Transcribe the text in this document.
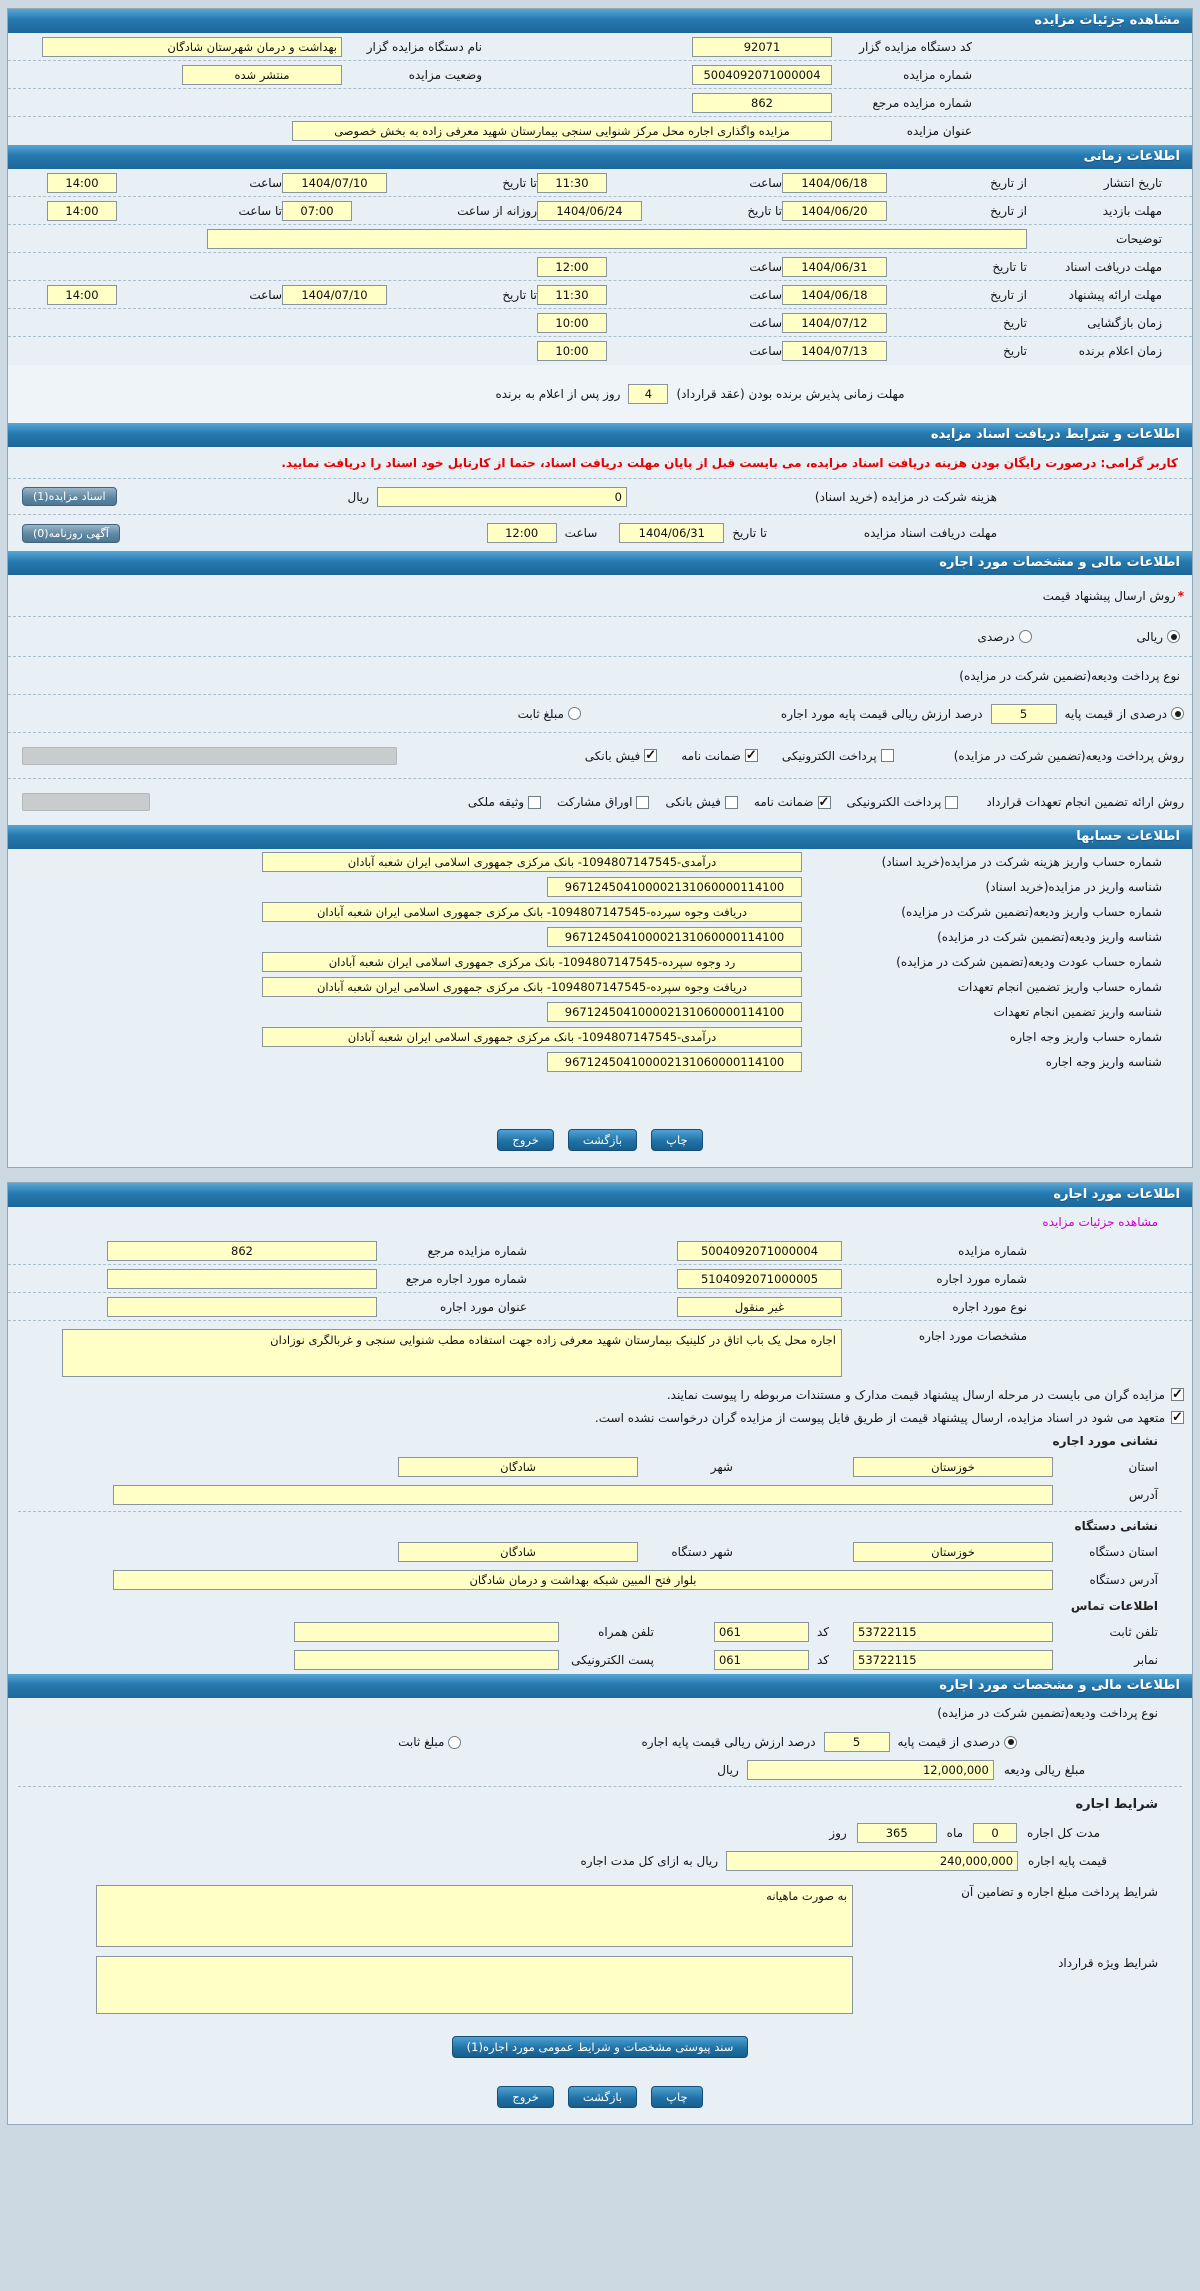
مشاهده جزئیات مزایده
کد دستگاه مزایده گزار
92071
نام دستگاه مزایده گزار
بهداشت و درمان شهرستان شادگان
شماره مزایده
5004092071000004
وضعیت مزایده
منتشر شده
شماره مزایده مرجع
862
عنوان مزایده
مزایده واگذاری اجاره محل مرکز شنوایی سنجی بیمارستان شهید معرفی زاده به بخش خصوصی
اطلاعات زمانی
تاریخ انتشار
از تاریخ
1404/06/18
ساعت
11:30
تا تاریخ
1404/07/10
ساعت
14:00
مهلت بازدید
از تاریخ
1404/06/20
تا تاریخ
1404/06/24
روزانه از ساعت
07:00
تا ساعت
14:00
توضیحات
مهلت دریافت اسناد
تا تاریخ
1404/06/31
ساعت
12:00
مهلت ارائه پیشنهاد
از تاریخ
1404/06/18
ساعت
11:30
تا تاریخ
1404/07/10
ساعت
14:00
زمان بازگشایی
تاریخ
1404/07/12
ساعت
10:00
زمان اعلام برنده
تاریخ
1404/07/13
ساعت
10:00
مهلت زمانی پذیرش برنده بودن (عقد قرارداد)
4
روز پس از اعلام به برنده
اطلاعات و شرایط دریافت اسناد مزایده
کاربر گرامی: درصورت رایگان بودن هزینه دریافت اسناد مزایده، می بایست قبل از پایان مهلت دریافت اسناد، حتما از کارتابل خود اسناد را دریافت نمایید.
هزینه شرکت در مزایده (خرید اسناد)
0
ریال
اسناد مزایده(1)
مهلت دریافت اسناد مزایده
تا تاریخ
1404/06/31
ساعت
12:00
آگهی روزنامه(0)
اطلاعات مالی و مشخصات مورد اجاره
*
روش ارسال پیشنهاد قیمت
ریالی
درصدی
نوع پرداخت ودیعه(تضمین شرکت در مزایده)
درصدی از قیمت پایه
5
درصد ارزش ریالی قیمت پایه مورد اجاره
مبلغ ثابت
روش پرداخت ودیعه(تضمین شرکت در مزایده)
پرداخت الکترونیکی
ضمانت نامه
فیش بانکی
روش ارائه تضمین انجام تعهدات قرارداد
پرداخت الکترونیکی
ضمانت نامه
فیش بانکی
اوراق مشارکت
وثیقه ملکی
اطلاعات حسابها
شماره حساب واریز هزینه شرکت در مزایده(خرید اسناد)
درآمدی-1094807147545- بانک مرکزی جمهوری اسلامی ایران شعبه آبادان
شناسه واریز در مزایده(خرید اسناد)
967124504100002131060000114100
شماره حساب واریز ودیعه(تضمین شرکت در مزایده)
دریافت وجوه سپرده-1094807147545- بانک مرکزی جمهوری اسلامی ایران شعبه آبادان
شناسه واریز ودیعه(تضمین شرکت در مزایده)
967124504100002131060000114100
شماره حساب عودت ودیعه(تضمین شرکت در مزایده)
رد وجوه سپرده-1094807147545- بانک مرکزی جمهوری اسلامی ایران شعبه آبادان
شماره حساب واریز تضمین انجام تعهدات
دریافت وجوه سپرده-1094807147545- بانک مرکزی جمهوری اسلامی ایران شعبه آبادان
شناسه واریز تضمین انجام تعهدات
967124504100002131060000114100
شماره حساب واریز وجه اجاره
درآمدی-1094807147545- بانک مرکزی جمهوری اسلامی ایران شعبه آبادان
شناسه واریز وجه اجاره
967124504100002131060000114100
چاپ
بازگشت
خروج
اطلاعات مورد اجاره
مشاهده جزئیات مزایده
شماره مزایده
5004092071000004
شماره مزایده مرجع
862
شماره مورد اجاره
5104092071000005
شماره مورد اجاره مرجع
نوع مورد اجاره
غیر منقول
عنوان مورد اجاره
مشخصات مورد اجاره
اجاره محل یک باب اتاق در کلینیک بیمارستان شهید معرفی زاده جهت استفاده مطب شنوایی سنجی و غربالگری نوزادان
مزایده گران می بایست در مرحله ارسال پیشنهاد قیمت مدارک و مستندات مربوطه را پیوست نمایند.
متعهد می شود در اسناد مزایده، ارسال پیشنهاد قیمت از طریق فایل پیوست از مزایده گران درخواست نشده است.
نشانی مورد اجاره
استان
خوزستان
شهر
شادگان
آدرس
نشانی دستگاه
استان دستگاه
خوزستان
شهر دستگاه
شادگان
آدرس دستگاه
بلوار فتح المبین شبکه بهداشت و درمان شادگان
اطلاعات تماس
تلفن ثابت
53722115
کد
061
تلفن همراه
نمابر
53722115
کد
061
پست الکترونیکی
اطلاعات مالی و مشخصات مورد اجاره
نوع پرداخت ودیعه(تضمین شرکت در مزایده)
درصدی از قیمت پایه
5
درصد ارزش ریالی قیمت پایه اجاره
مبلغ ثابت
مبلغ ریالی ودیعه
12,000,000
ریال
شرایط اجاره
مدت کل اجاره
0
ماه
365
روز
قیمت پایه اجاره
240,000,000
ریال به ازای کل مدت اجاره
شرایط پرداخت مبلغ اجاره و تضامین آن
به صورت ماهیانه
شرایط ویژه قرارداد
سند پیوستی مشخصات و شرایط عمومی مورد اجاره(1)
چاپ
بازگشت
خروج
